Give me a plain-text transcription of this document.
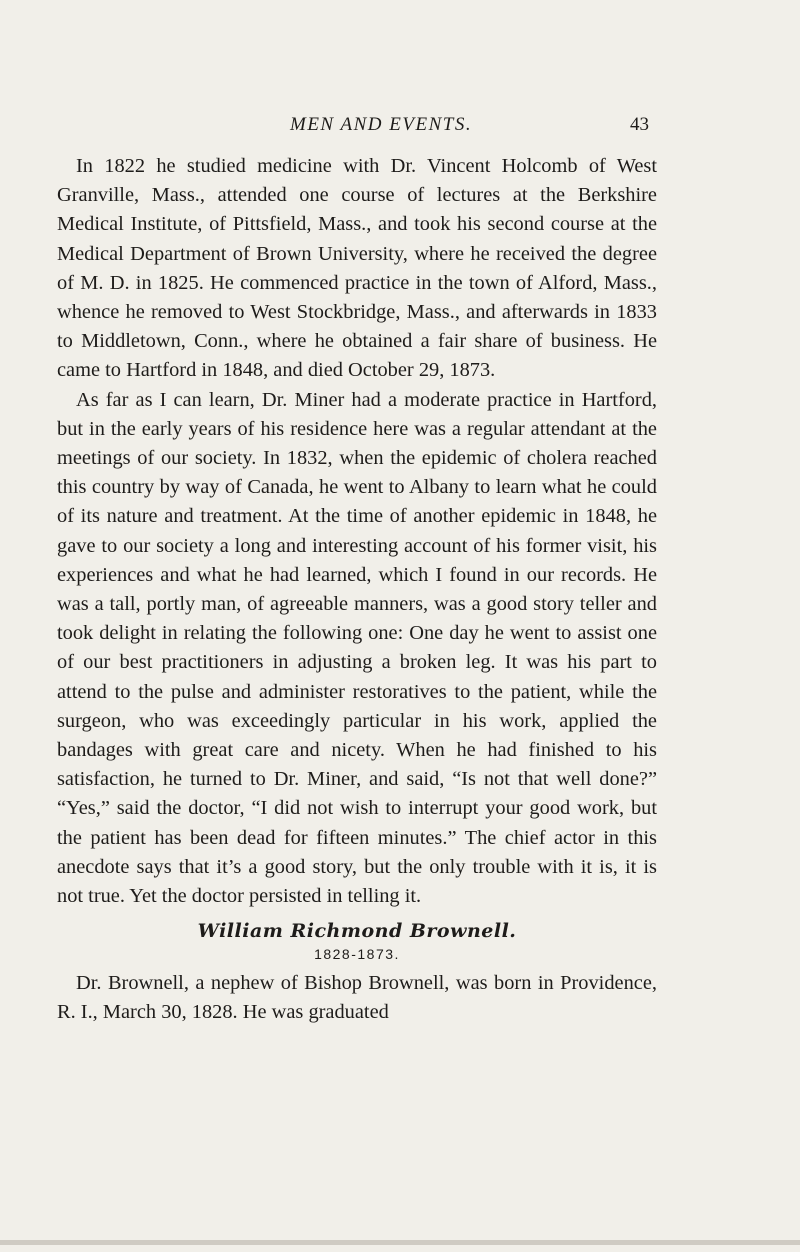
MEN AND EVENTS.	43

In 1822 he studied medicine with Dr. Vincent Holcomb of West Granville, Mass., attended one course of lectures at the Berkshire Medical Institute, of Pittsfield, Mass., and took his second course at the Medical Department of Brown University, where he received the degree of M. D. in 1825. He commenced practice in the town of Alford, Mass., whence he removed to West Stockbridge, Mass., and afterwards in 1833 to Middletown, Conn., where he obtained a fair share of business. He came to Hartford in 1848, and died October 29, 1873.

As far as I can learn, Dr. Miner had a moderate practice in Hartford, but in the early years of his residence here was a regular attendant at the meetings of our society. In 1832, when the epidemic of cholera reached this country by way of Canada, he went to Albany to learn what he could of its nature and treatment. At the time of another epidemic in 1848, he gave to our society a long and interesting account of his former visit, his experiences and what he had learned, which I found in our records. He was a tall, portly man, of agreeable manners, was a good story teller and took delight in relating the following one: One day he went to assist one of our best practitioners in adjusting a broken leg. It was his part to attend to the pulse and administer restoratives to the patient, while the surgeon, who was exceedingly particular in his work, applied the bandages with great care and nicety. When he had finished to his satisfaction, he turned to Dr. Miner, and said, “Is not that well done?” “Yes,” said the doctor, “I did not wish to interrupt your good work, but the patient has been dead for fifteen minutes.” The chief actor in this anecdote says that it’s a good story, but the only trouble with it is, it is not true. Yet the doctor persisted in telling it.

William Richmond Brownell.
1828-1873.

Dr. Brownell, a nephew of Bishop Brownell, was born in Providence, R. I., March 30, 1828. He was graduated
